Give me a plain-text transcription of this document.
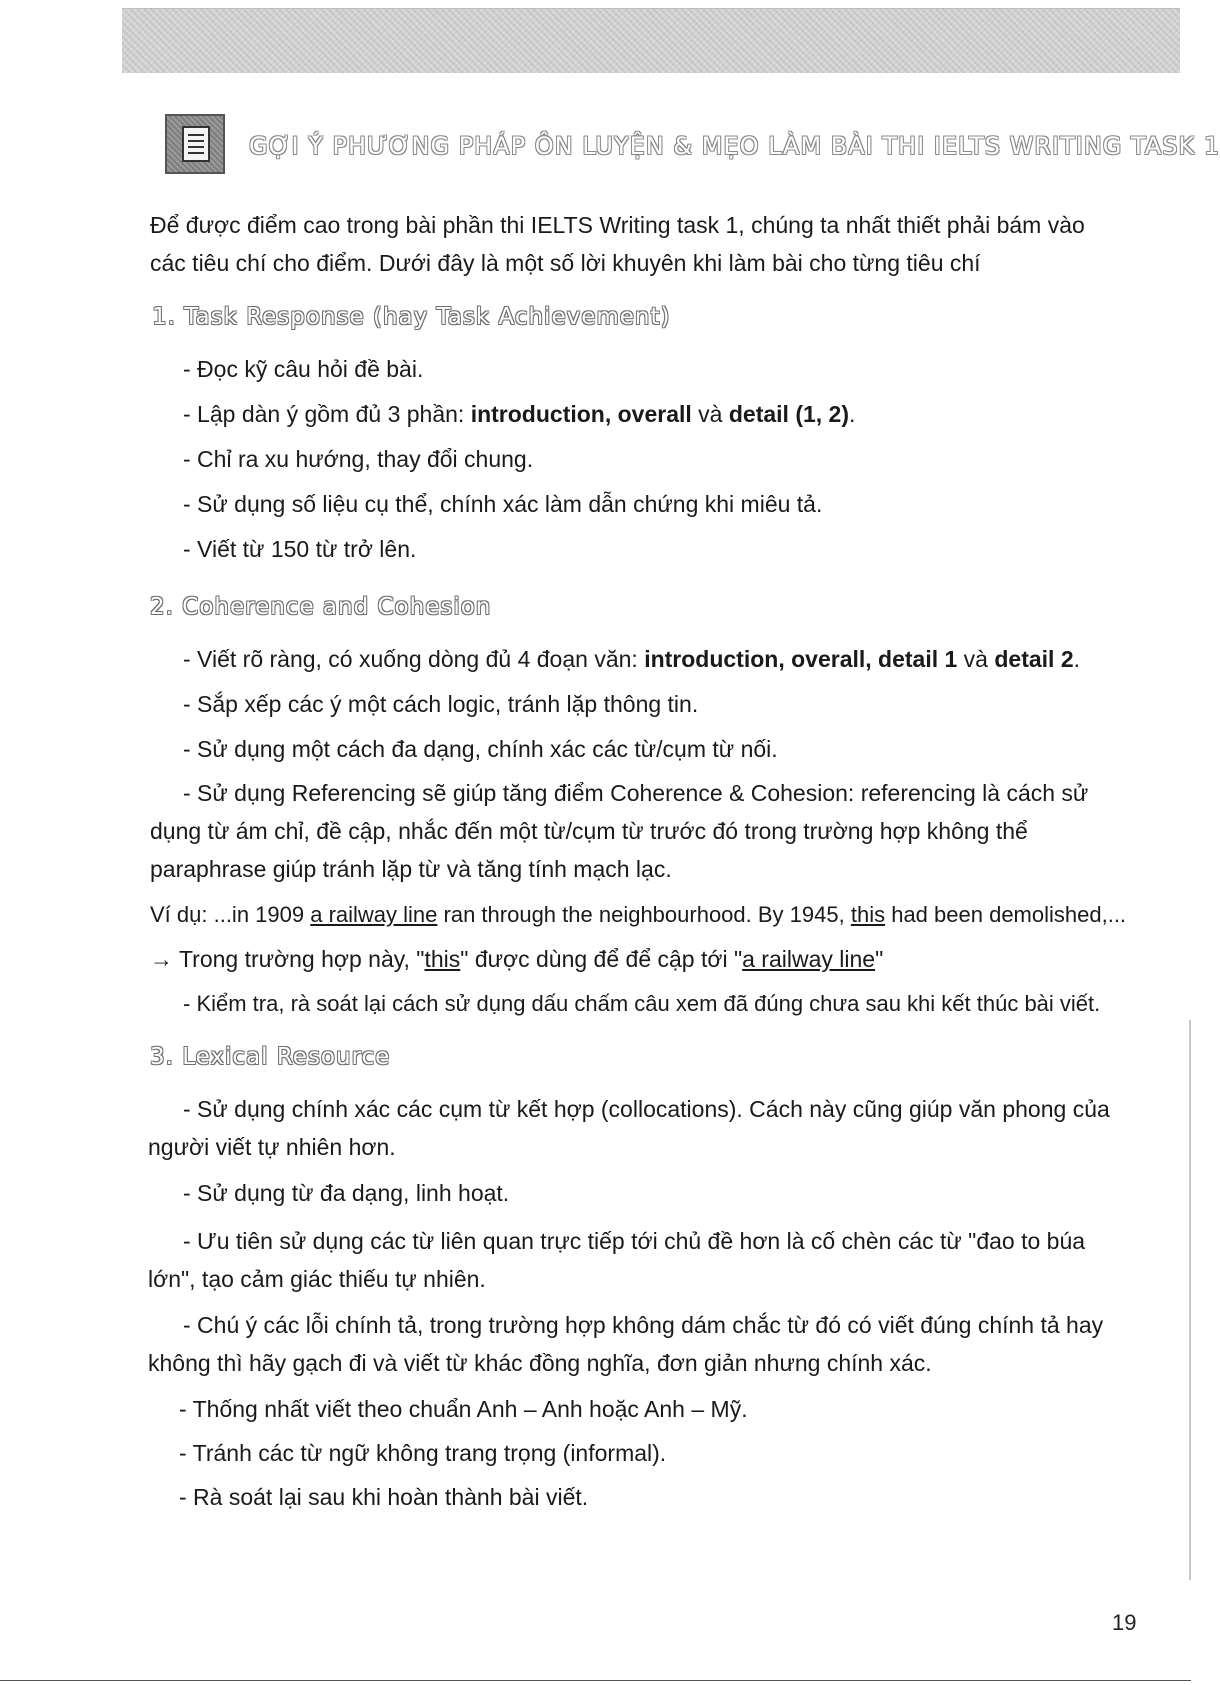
GỢI Ý PHƯƠNG PHÁP ÔN LUYỆN & MẸO LÀM BÀI THI IELTS WRITING TASK 1
Để được điểm cao trong bài phần thi IELTS Writing task 1, chúng ta nhất thiết phải bám vào các tiêu chí cho điểm. Dưới đây là một số lời khuyên khi làm bài cho từng tiêu chí
1. Task Response (hay Task Achievement)
- Đọc kỹ câu hỏi đề bài.
- Lập dàn ý gồm đủ 3 phần: introduction, overall và detail (1, 2).
- Chỉ ra xu hướng, thay đổi chung.
- Sử dụng số liệu cụ thể, chính xác làm dẫn chứng khi miêu tả.
- Viết từ 150 từ trở lên.
2. Coherence and Cohesion
- Viết rõ ràng, có xuống dòng đủ 4 đoạn văn: introduction, overall, detail 1 và detail 2.
- Sắp xếp các ý một cách logic, tránh lặp thông tin.
- Sử dụng một cách đa dạng, chính xác các từ/cụm từ nối.
- Sử dụng Referencing sẽ giúp tăng điểm Coherence & Cohesion: referencing là cách sử dụng từ ám chỉ, đề cập, nhắc đến một từ/cụm từ trước đó trong trường hợp không thể paraphrase giúp tránh lặp từ và tăng tính mạch lạc.
Ví dụ: ...in 1909 a railway line ran through the neighbourhood. By 1945, this had been demolished,...
→ Trong trường hợp này, "this" được dùng để để cập tới "a railway line"
- Kiểm tra, rà soát lại cách sử dụng dấu chấm câu xem đã đúng chưa sau khi kết thúc bài viết.
3. Lexical Resource
- Sử dụng chính xác các cụm từ kết hợp (collocations). Cách này cũng giúp văn phong của người viết tự nhiên hơn.
- Sử dụng từ đa dạng, linh hoạt.
- Ưu tiên sử dụng các từ liên quan trực tiếp tới chủ đề hơn là cố chèn các từ "đao to búa lớn", tạo cảm giác thiếu tự nhiên.
- Chú ý các lỗi chính tả, trong trường hợp không dám chắc từ đó có viết đúng chính tả hay không thì hãy gạch đi và viết từ khác đồng nghĩa, đơn giản nhưng chính xác.
- Thống nhất viết theo chuẩn Anh – Anh hoặc Anh – Mỹ.
- Tránh các từ ngữ không trang trọng (informal).
- Rà soát lại sau khi hoàn thành bài viết.
19
